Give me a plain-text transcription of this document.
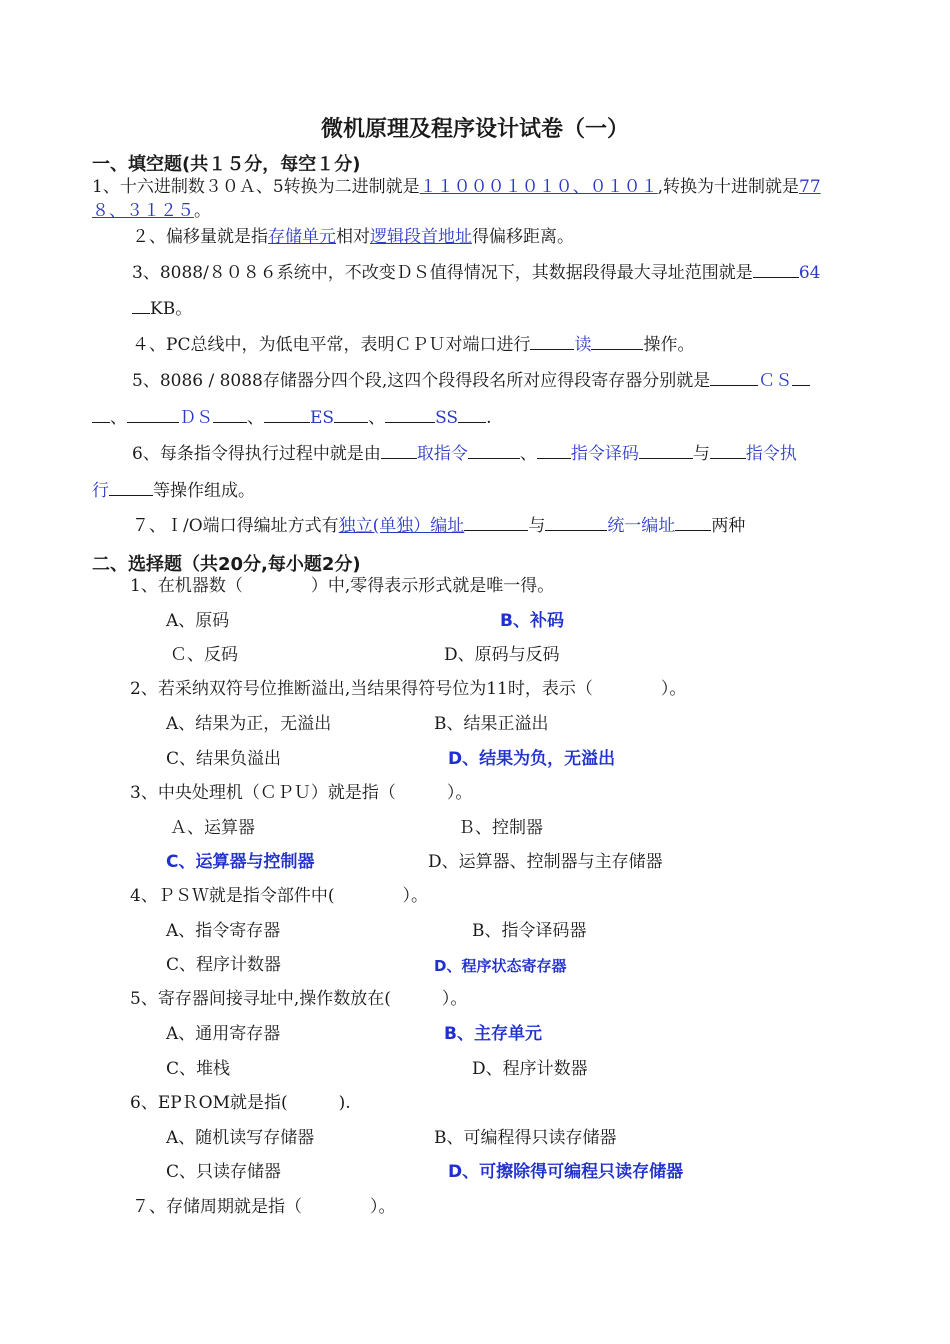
微机原理及程序设计试卷（一）
一、填空题(共１５分，每空１分)
1、十六进制数３０Ａ、5转换为二进制就是１１０００１０１０、０１０１,转换为十进制就是77
８、３１２５。
２、偏移量就是指存储单元相对逻辑段首地址得偏移距离。
3、8088/８０８６系统中，不改变ＤＳ值得情况下，其数据段得最大寻址范围就是	64
KB。
４、PC总线中，为低电平常，表明ＣＰＵ对端口进行	读	操作。
5、8086 / 8088存储器分四个段,这四个段得段名所对应得段寄存器分别就是	ＣＳ
、	ＤＳ 、	ES 、	SS .
6、每条指令得执行过程中就是由 取指令	、 指令译码	与 指令执
行	等操作组成。
７、Ｉ/O端口得编址方式有独立(单独）编址	与	统一编址 两种
二、选择题（共20分,每小题2分)
1、在机器数（　　　　）中,零得表示形式就是唯一得。
A、原码	B、补码
Ｃ、反码	D、原码与反码
2、若采纳双符号位推断溢出,当结果得符号位为11时，表示（　　　　）。
A、结果为正，无溢出	B、结果正溢出
C、结果负溢出	D、结果为负，无溢出
3、中央处理机（ＣＰＵ）就是指（　　　）。
Ａ、运算器	Ｂ、控制器
C、运算器与控制器	D、运算器、控制器与主存储器
4、ＰＳＷ就是指令部件中(　　　　）。
A、指令寄存器	B、指令译码器
C、程序计数器	D、程序状态寄存器
5、寄存器间接寻址中,操作数放在(　　　）。
A、通用寄存器	B、主存单元
C、堆栈	D、程序计数器
6、EPＲOM就是指(　　　).
A、随机读写存储器	B、可编程得只读存储器
C、只读存储器	D、可擦除得可编程只读存储器
７、存储周期就是指（　　　　）。
